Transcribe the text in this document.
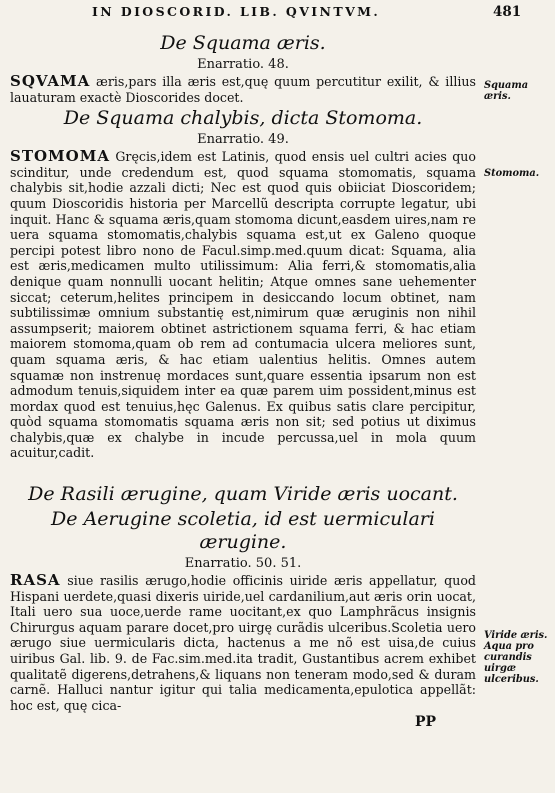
IN DIOSCORID. LIB. QVINTVM.	481
De Squama æris.
Enarratio. 48.

SQVAMA æris,pars illa æris est,quę quum percutitur exilit, & illius lauaturam exactè Dioscorides docet.

De Squama chalybis, dicta Stomoma.
Enarratio. 49.

STOMOMA Gręcis,idem est Latinis, quod ensis uel cultri acies quo scinditur, unde credendum est, quod squama stomomatis, squama chalybis sit,hodie azzali dicti; Nec est quod quis obiiciat Dioscoridem; quum Dioscoridis historia per Marcellũ descripta corrupte legatur, ubi inquit. Hanc & squama æris,quam stomoma dicunt,easdem uires,nam re uera squama stomomatis,chalybis squama est,ut ex Galeno quoque percipi potest libro nono de Facul.simp.med.quum dicat: Squama, alia est æris,medicamen multo utilissimum: Alia ferri,& stomomatis,alia denique quam nonnulli uocant helitin; Atque omnes sane uehementer siccat; ceterum,helites principem in desiccando locum obtinet, nam subtilissimæ omnium substantię est,nimirum quæ æruginis non nihil assumpserit; maiorem obtinet astrictionem squama ferri, & hac etiam maiorem stomoma,quam ob rem ad contumacia ulcera meliores sunt, quam squama æris, & hac etiam ualentius helitis. Omnes autem squamæ non instrenuę mordaces sunt,quare essentia ipsarum non est admodum tenuis,siquidem inter ea quæ parem uim possident,minus est mordax quod est tenuius,hęc Galenus. Ex quibus satis clare percipitur, quòd squama stomomatis squama æris non sit; sed potius ut diximus chalybis,quæ ex chalybe in incude percussa,uel in mola quum acuitur,cadit.

De Rasili ærugine, quam Viride æris uocant.
De Aerugine scoletia, id est uermiculari ærugine.
Enarratio. 50. 51.

RASA siue rasilis ærugo,hodie officinis uiride æris appellatur, quod Hispani uerdete,quasi dixeris uiride,uel cardanilium,aut æris orin uocat, Itali uero sua uoce,uerde rame uocitant,ex quo Lamphrãcus insignis Chirurgus aquam parare docet,pro uirgę curãdis ulceribus.Scoletia uero ærugo siue uermicularis dicta, hactenus a me nõ est uisa,de cuius uiribus Gal. lib. 9. de Fac.sim.med.ita tradit, Gustantibus acrem exhibet qualitatẽ digerens,detrahens,& liquans non teneram modo,sed & duram carnẽ. Halluci nantur igitur qui talia medicamenta,epulotica appellãt: hoc est, quę cica-

PP
Squama æris.
Stomoma.
Viride æris. Aqua pro curandis uirgæ ulceribus.
